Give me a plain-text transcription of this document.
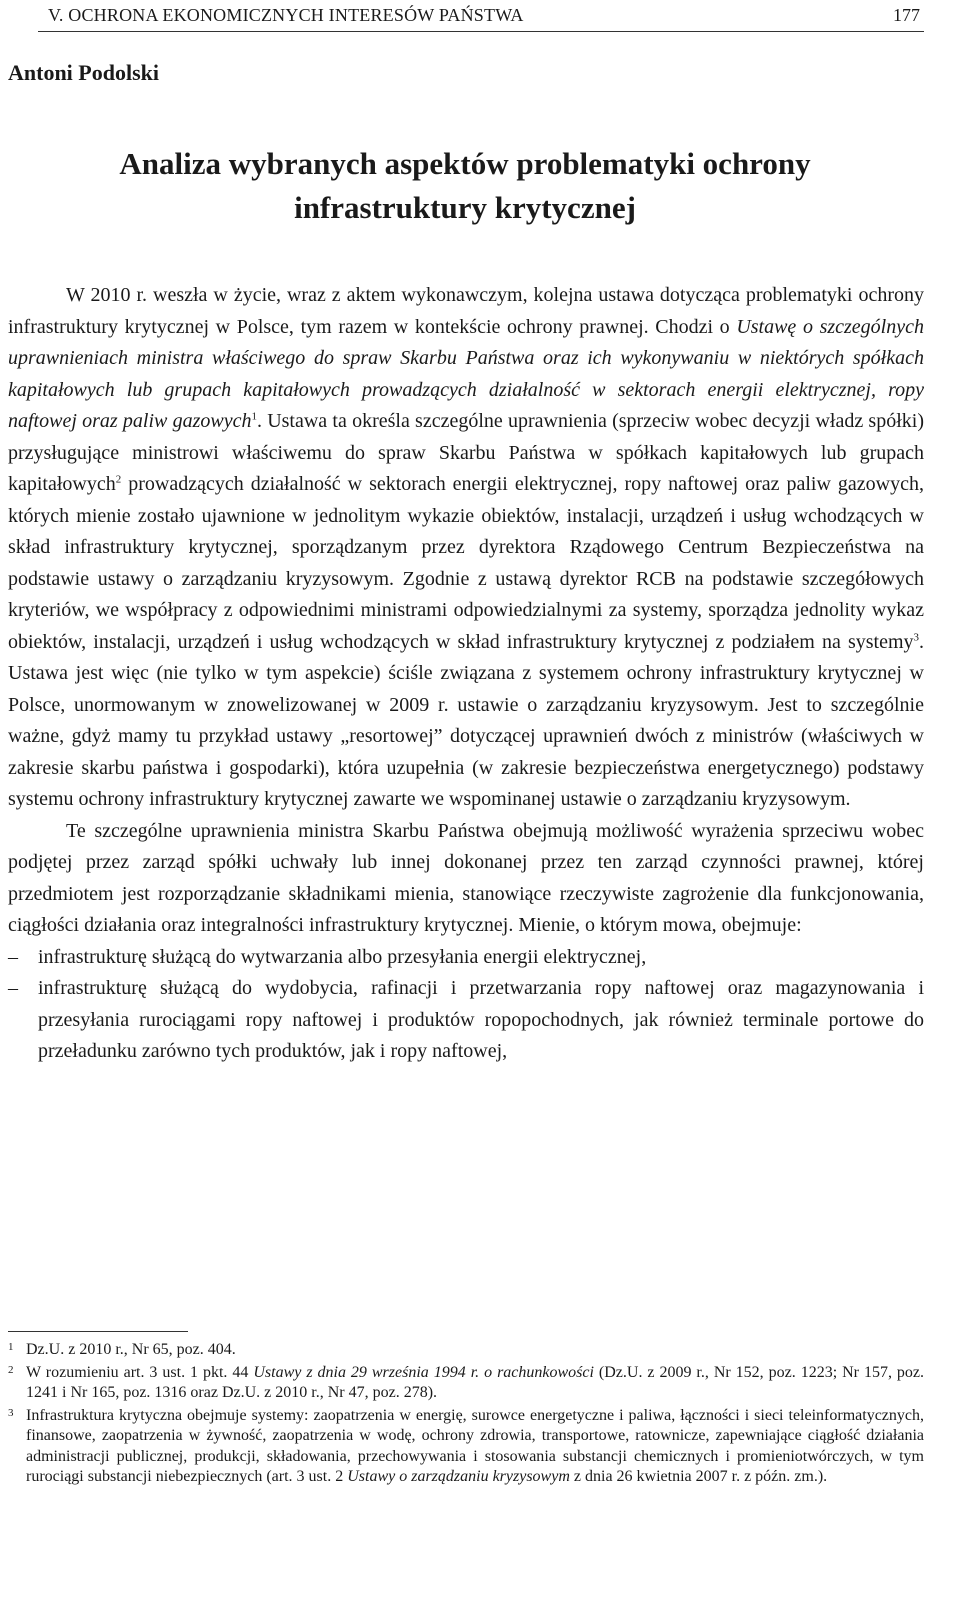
V. OCHRONA EKONOMICZNYCH INTERESÓW PAŃSTWA	177
Antoni Podolski
Analiza wybranych aspektów problematyki ochrony
infrastruktury krytycznej

W 2010 r. weszła w życie, wraz z aktem wykonawczym, kolejna ustawa dotycząca problematyki ochrony infrastruktury krytycznej w Polsce, tym razem w kontekście ochrony prawnej. Chodzi o Ustawę o szczególnych uprawnieniach ministra właściwego do spraw Skarbu Państwa oraz ich wykonywaniu w niektórych spółkach kapitałowych lub grupach kapitałowych prowadzących działalność w sektorach energii elektrycznej, ropy naftowej oraz paliw gazowych$^1$. Ustawa ta określa szczególne uprawnienia (sprzeciw wobec decyzji władz spółki) przysługujące ministrowi właściwemu do spraw Skarbu Państwa w spółkach kapitałowych lub grupach kapitałowych$^2$ prowadzących działalność w sektorach energii elektrycznej, ropy naftowej oraz paliw gazowych, których mienie zostało ujawnione w jednolitym wykazie obiektów, instalacji, urządzeń i usług wchodzących w skład infrastruktury krytycznej, sporządzanym przez dyrektora Rządowego Centrum Bezpieczeństwa na podstawie ustawy o zarządzaniu kryzysowym. Zgodnie z ustawą dyrektor RCB na podstawie szczegółowych kryteriów, we współpracy z odpowiednimi ministrami odpowiedzialnymi za systemy, sporządza jednolity wykaz obiektów, instalacji, urządzeń i usług wchodzących w skład infrastruktury krytycznej z podziałem na systemy$^3$. Ustawa jest więc (nie tylko w tym aspekcie) ściśle związana z systemem ochrony infrastruktury krytycznej w Polsce, unormowanym w znowelizowanej w 2009 r. ustawie o zarządzaniu kryzysowym. Jest to szczególnie ważne, gdyż mamy tu przykład ustawy „resortowej” dotyczącej uprawnień dwóch z ministrów (właściwych w zakresie skarbu państwa i gospodarki), która uzupełnia (w zakresie bezpieczeństwa energetycznego) podstawy systemu ochrony infrastruktury krytycznej zawarte we wspominanej ustawie o zarządzaniu kryzysowym.

Te szczególne uprawnienia ministra Skarbu Państwa obejmują możliwość wyrażenia sprzeciwu wobec podjętej przez zarząd spółki uchwały lub innej dokonanej przez ten zarząd czynności prawnej, której przedmiotem jest rozporządzanie składnikami mienia, stanowiące rzeczywiste zagrożenie dla funkcjonowania, ciągłości działania oraz integralności infrastruktury krytycznej. Mienie, o którym mowa, obejmuje:

– infrastrukturę służącą do wytwarzania albo przesyłania energii elektrycznej,
– infrastrukturę służącą do wydobycia, rafinacji i przetwarzania ropy naftowej oraz magazynowania i przesyłania rurociągami ropy naftowej i produktów ropopochodnych, jak również terminale portowe do przeładunku zarówno tych produktów, jak i ropy naftowej,
1 Dz.U. z 2010 r., Nr 65, poz. 404.
2 W rozumieniu art. 3 ust. 1 pkt. 44 Ustawy z dnia 29 września 1994 r. o rachunkowości (Dz.U. z 2009 r., Nr 152, poz. 1223; Nr 157, poz. 1241 i Nr 165, poz. 1316 oraz Dz.U. z 2010 r., Nr 47, poz. 278).
3 Infrastruktura krytyczna obejmuje systemy: zaopatrzenia w energię, surowce energetyczne i paliwa, łączności i sieci teleinformatycznych, finansowe, zaopatrzenia w żywność, zaopatrzenia w wodę, ochrony zdrowia, transportowe, ratownicze, zapewniające ciągłość działania administracji publicznej, produkcji, składowania, przechowywania i stosowania substancji chemicznych i promieniotwórczych, w tym rurociągi substancji niebezpiecznych (art. 3 ust. 2 Ustawy o zarządzaniu kryzysowym z dnia 26 kwietnia 2007 r. z późn. zm.).
